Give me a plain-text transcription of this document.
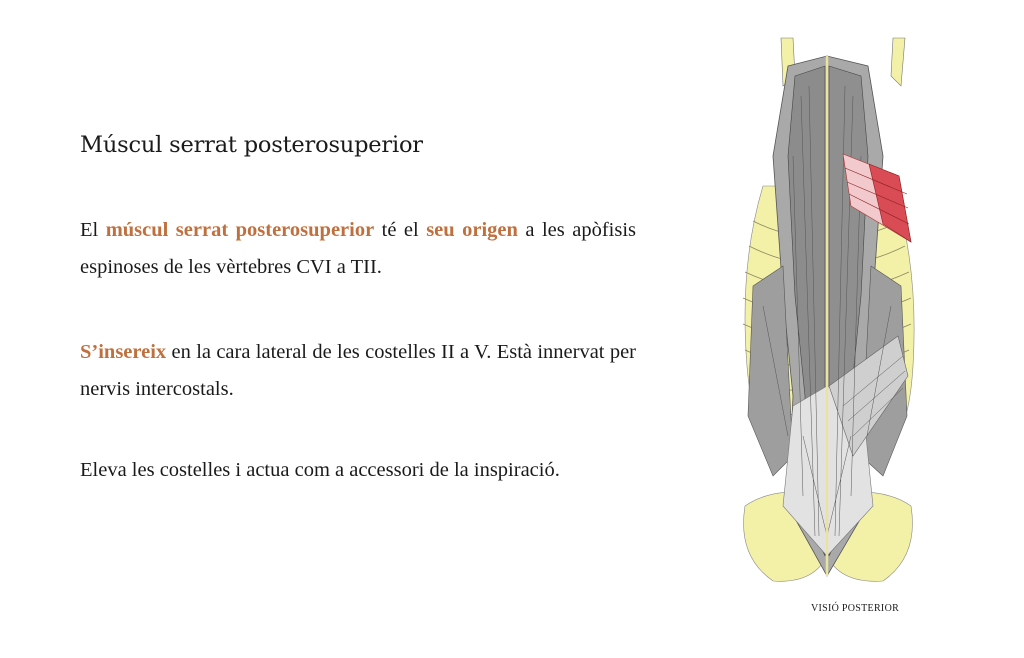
Múscul serrat posterosuperior

El múscul serrat posterosuperior té el seu origen a les apòfisis espinoses de les vèrtebres CVI a TII.

S’insereix en la cara lateral de les costelles II a V. Està innervat per nervis intercostals.

Eleva les costelles i actua com a accessori de la inspiració.

VISIÓ POSTERIOR
